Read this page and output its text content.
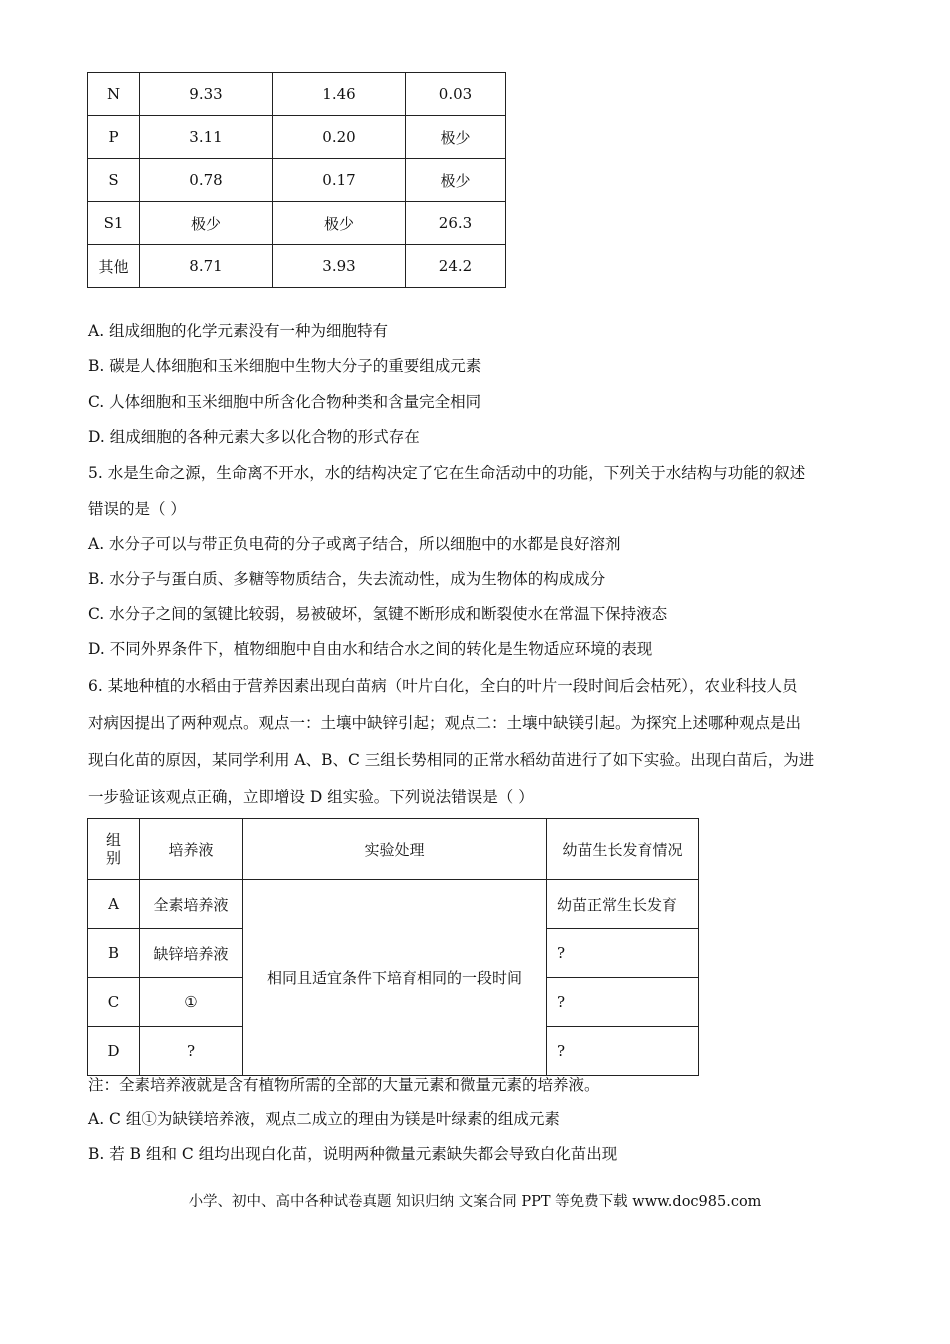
N	9.33	1.46	0.03
P	3.11	0.20	极少
S	0.78	0.17	极少
S1	极少	极少	26.3
其他	8.71	3.93	24.2
A. 组成细胞的化学元素没有一种为细胞特有
B. 碳是人体细胞和玉米细胞中生物大分子的重要组成元素
C. 人体细胞和玉米细胞中所含化合物种类和含量完全相同
D. 组成细胞的各种元素大多以化合物的形式存在
5. 水是生命之源，生命离不开水，水的结构决定了它在生命活动中的功能，下列关于水结构与功能的叙述
错误的是（ ）
A. 水分子可以与带正负电荷的分子或离子结合，所以细胞中的水都是良好溶剂
B. 水分子与蛋白质、多糖等物质结合，失去流动性，成为生物体的构成成分
C. 水分子之间的氢键比较弱，易被破坏，氢键不断形成和断裂使水在常温下保持液态
D. 不同外界条件下，植物细胞中自由水和结合水之间的转化是生物适应环境的表现
6. 某地种植的水稻由于营养因素出现白苗病（叶片白化，全白的叶片一段时间后会枯死），农业科技人员
对病因提出了两种观点。观点一：土壤中缺锌引起；观点二：土壤中缺镁引起。为探究上述哪种观点是出
现白化苗的原因，某同学利用 A、B、C 三组长势相同的正常水稻幼苗进行了如下实验。出现白苗后，为进
一步验证该观点正确，立即增设 D 组实验。下列说法错误是（ ）
组
别	培养液	实验处理	幼苗生长发育情况
A	全素培养液	相同且适宜条件下培育相同的一段时间	幼苗正常生长发育
B	缺锌培养液		?
C	①		?
D	?		?
注：全素培养液就是含有植物所需的全部的大量元素和微量元素的培养液。
A. C 组①为缺镁培养液，观点二成立的理由为镁是叶绿素的组成元素
B. 若 B 组和 C 组均出现白化苗，说明两种微量元素缺失都会导致白化苗出现
小学、初中、高中各种试卷真题 知识归纳 文案合同 PPT 等免费下载 www.doc985.com
